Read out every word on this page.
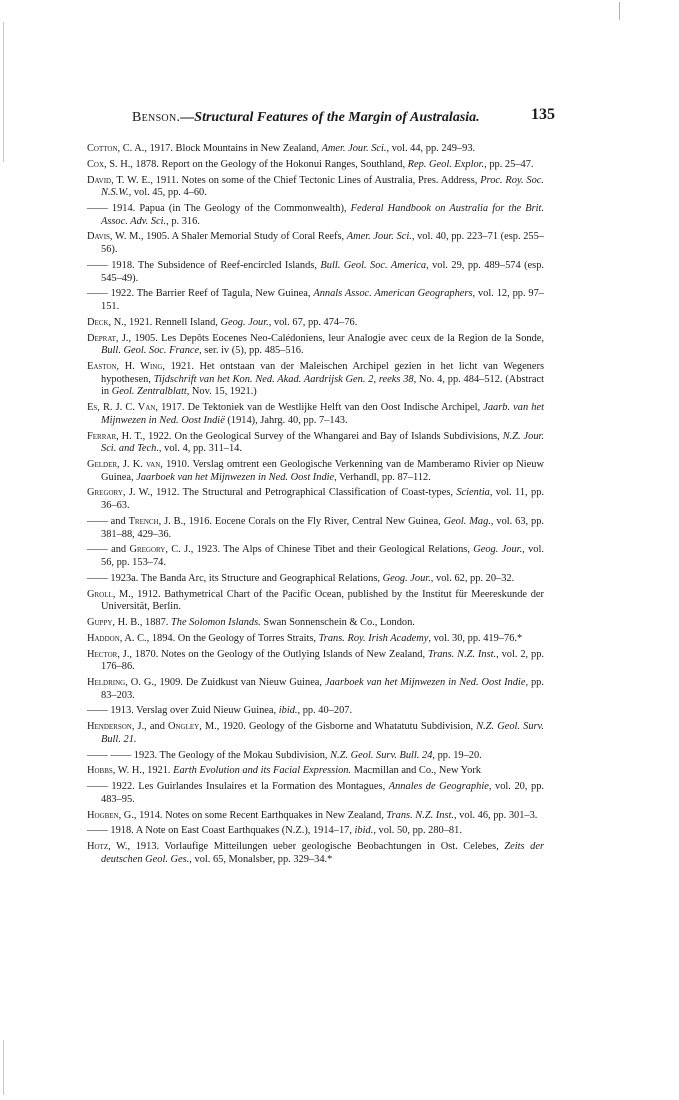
Benson.—Structural Features of the Margin of Australasia.	135

Cotton, C. A., 1917. Block Mountains in New Zealand, Amer. Jour. Sci., vol. 44, pp. 249–93.

Cox, S. H., 1878. Report on the Geology of the Hokonui Ranges, Southland, Rep. Geol. Explor., pp. 25–47.

David, T. W. E., 1911. Notes on some of the Chief Tectonic Lines of Australia, Pres. Address, Proc. Roy. Soc. N.S.W., vol. 45, pp. 4–60.

—— 1914. Papua (in The Geology of the Commonwealth), Federal Handbook on Australia for the Brit. Assoc. Adv. Sci., p. 316.

Davis, W. M., 1905. A Shaler Memorial Study of Coral Reefs, Amer. Jour. Sci., vol. 40, pp. 223–71 (esp. 255–56).

—— 1918. The Subsidence of Reef-encircled Islands, Bull. Geol. Soc. America, vol. 29, pp. 489–574 (esp. 545–49).

—— 1922. The Barrier Reef of Tagula, New Guinea, Annals Assoc. American Geographers, vol. 12, pp. 97–151.

Deck, N., 1921. Rennell Island, Geog. Jour., vol. 67, pp. 474–76.

Deprat, J., 1905. Les Depôts Eocenes Neo-Calédoniens, leur Analogie avec ceux de la Region de la Sonde, Bull. Geol. Soc. France, ser. iv (5), pp. 485–516.

Easton, H. Wing, 1921. Het ontstaan van der Maleischen Archipel gezien in het licht van Wegeners hypothesen, Tijdschrift van het Kon. Ned. Akad. Aardrijsk Gen. 2, reeks 38, No. 4, pp. 484–512. (Abstract in Geol. Zentralblatt, Nov. 15, 1921.)

Es, R. J. C. Van, 1917. De Tektoniek van de Westlijke Helft van den Oost Indische Archipel, Jaarb. van het Mijnwezen in Ned. Oost Indië (1914), Jahrg. 40, pp. 7–143.

Ferrar, H. T., 1922. On the Geological Survey of the Whangarei and Bay of Islands Subdivisions, N.Z. Jour. Sci. and Tech., vol. 4, pp. 311–14.

Gelder, J. K. van, 1910. Verslag omtrent een Geologische Verkenning van de Mamberamo Rivier op Nieuw Guinea, Jaarboek van het Mijnwezen in Ned. Oost Indie, Verhandl, pp. 87–112.

Gregory, J. W., 1912. The Structural and Petrographical Classification of Coast-types, Scientia, vol. 11, pp. 36–63.

—— and Trench, J. B., 1916. Eocene Corals on the Fly River, Central New Guinea, Geol. Mag., vol. 63, pp. 381–88, 429–36.

—— and Gregory, C. J., 1923. The Alps of Chinese Tibet and their Geological Relations, Geog. Jour., vol. 56, pp. 153–74.

—— 1923a. The Banda Arc, its Structure and Geographical Relations, Geog. Jour., vol. 62, pp. 20–32.

Groll, M., 1912. Bathymetrical Chart of the Pacific Ocean, published by the Institut für Meereskunde der Universität, Berlin.

Guppy, H. B., 1887. The Solomon Islands. Swan Sonnenschein & Co., London.

Haddon, A. C., 1894. On the Geology of Torres Straits, Trans. Roy. Irish Academy, vol. 30, pp. 419–76.*

Hector, J., 1870. Notes on the Geology of the Outlying Islands of New Zealand, Trans. N.Z. Inst., vol. 2, pp. 176–86.

Heldring, O. G., 1909. De Zuidkust van Nieuw Guinea, Jaarboek van het Mijnwezen in Ned. Oost Indie, pp. 83–203.

—— 1913. Verslag over Zuid Nieuw Guinea, ibid., pp. 40–207.

Henderson, J., and Ongley, M., 1920. Geology of the Gisborne and Whatatutu Subdivision, N.Z. Geol. Surv. Bull. 21.

—— —— 1923. The Geology of the Mokau Subdivision, N.Z. Geol. Surv. Bull. 24, pp. 19–20.

Hobbs, W. H., 1921. Earth Evolution and its Facial Expression. Macmillan and Co., New York

—— 1922. Les Guirlandes Insulaires et la Formation des Montagues, Annales de Geographie, vol. 20, pp. 483–95.

Hogben, G., 1914. Notes on some Recent Earthquakes in New Zealand, Trans. N.Z. Inst., vol. 46, pp. 301–3.

—— 1918. A Note on East Coast Earthquakes (N.Z.), 1914–17, ibid., vol. 50, pp. 280–81.

Hotz, W., 1913. Vorlaufige Mitteilungen ueber geologische Beobachtungen in Ost. Celebes, Zeits der deutschen Geol. Ges., vol. 65, Monalsber, pp. 329–34.*
